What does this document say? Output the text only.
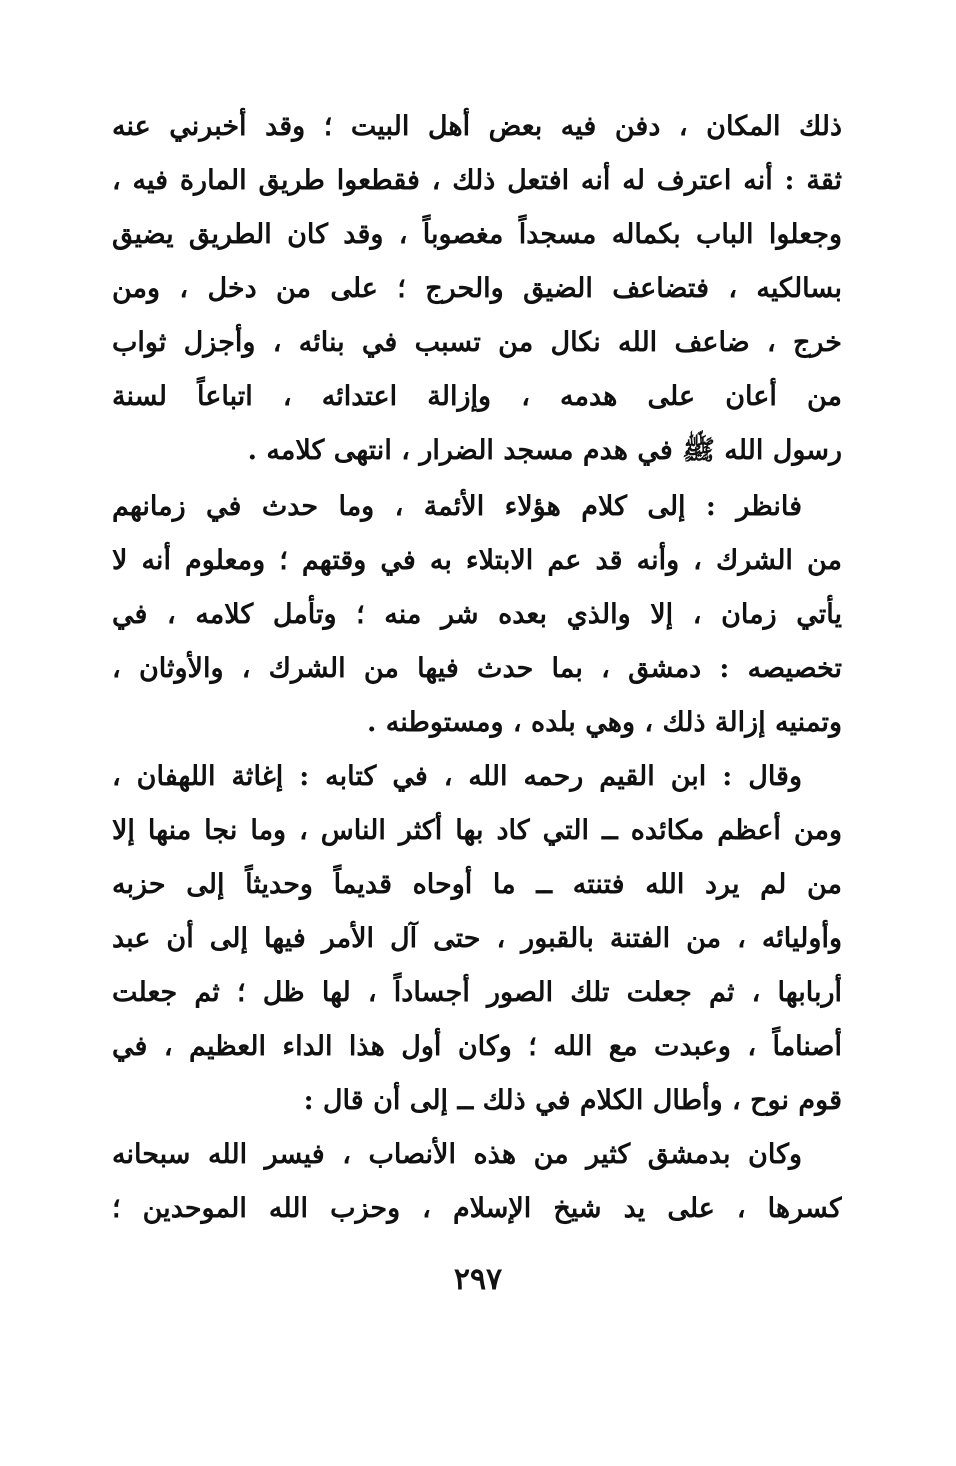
ذلك المكان ، دفن فيه بعض أهل البيت ؛ وقد أخبرني عنه
ثقة : أنه اعترف له أنه افتعل ذلك ، فقطعوا طريق المارة فيه ،
وجعلوا الباب بكماله مسجداً مغصوباً ، وقد كان الطريق يضيق
بسالكيه ، فتضاعف الضيق والحرج ؛ على من دخل ، ومن
خرج ، ضاعف الله نكال من تسبب في بنائه ، وأجزل ثواب
من أعان على هدمه ، وإزالة اعتدائه ، اتباعاً لسنة
رسول الله ﷺ في هدم مسجد الضرار ، انتهى كلامه .
فانظر : إلى كلام هؤلاء الأئمة ، وما حدث في زمانهم
من الشرك ، وأنه قد عم الابتلاء به في وقتهم ؛ ومعلوم أنه لا
يأتي زمان ، إلا والذي بعده شر منه ؛ وتأمل كلامه ، في
تخصيصه : دمشق ، بما حدث فيها من الشرك ، والأوثان ،
وتمنيه إزالة ذلك ، وهي بلده ، ومستوطنه .
وقال : ابن القيم رحمه الله ، في كتابه : إغاثة اللهفان ،
ومن أعظم مكائده ــ التي كاد بها أكثر الناس ، وما نجا منها إلا
من لم يرد الله فتنته ــ ما أوحاه قديماً وحديثاً إلى حزبه
وأوليائه ، من الفتنة بالقبور ، حتى آل الأمر فيها إلى أن عبد
أربابها ، ثم جعلت تلك الصور أجساداً ، لها ظل ؛ ثم جعلت
أصناماً ، وعبدت مع الله ؛ وكان أول هذا الداء العظيم ، في
قوم نوح ، وأطال الكلام في ذلك ــ إلى أن قال :
وكان بدمشق كثير من هذه الأنصاب ، فيسر الله سبحانه
كسرها ، على يد شيخ الإسلام ، وحزب الله الموحدين ؛
٢٩٧
